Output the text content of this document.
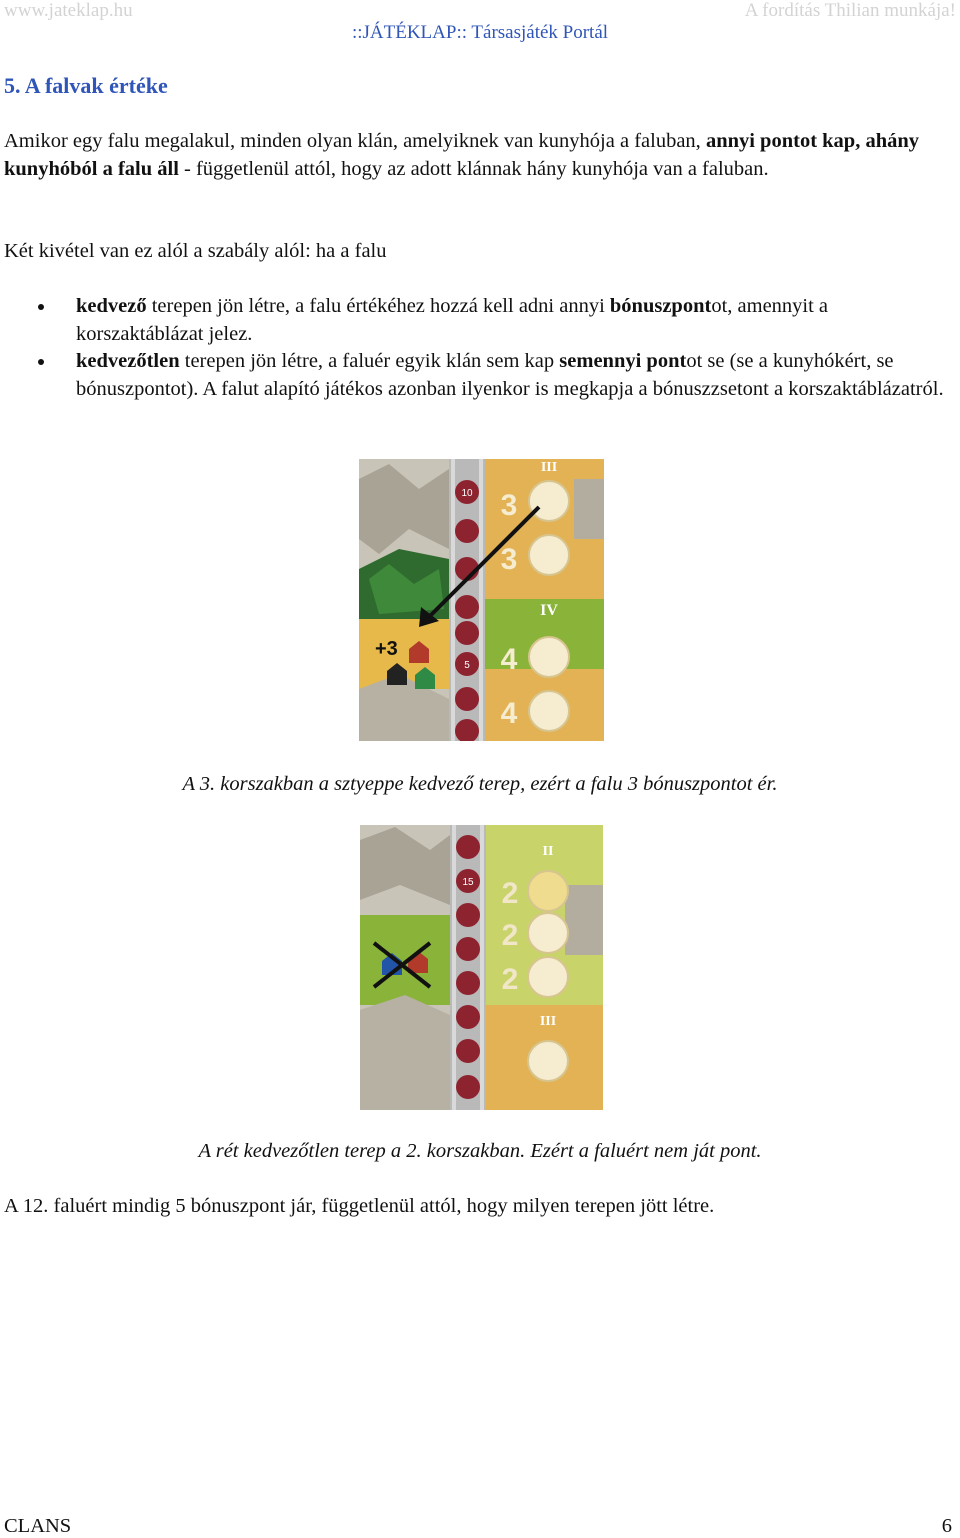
www.jateklap.hu	A fordítás Thilian munkája!
::JÁTÉKLAP:: Társasjáték Portál
5. A falvak értéke

Amikor egy falu megalakul, minden olyan klán, amelyiknek van kunyhója a faluban, annyi pontot kap, ahány kunyhóból a falu áll - függetlenül attól, hogy az adott klánnak hány kunyhója van a faluban.

Két kivétel van ez alól a szabály alól: ha a falu

kedvező terepen jön létre, a falu értékéhez hozzá kell adni annyi bónuszpontot, amennyit a korszaktáblázat jelez.
kedvezőtlen terepen jön létre, a faluér egyik klán sem kap semennyi pontot se (se a kunyhókért, se bónuszpontot). A falut alapító játékos azonban ilyenkor is megkapja a bónuszzsetont a korszaktáblázatról.
10
5
III
IV
3
3
4
4
+3

A 3. korszakban a sztyeppe kedvező terep, ezért a falu 3 bónuszpontot ér.

15
II
III
2
2
2

A rét kedvezőtlen terep a 2. korszakban. Ezért a faluért nem ját pont.

A 12. faluért mindig 5 bónuszpont jár, függetlenül attól, hogy milyen terepen jött létre.

CLANS	6
